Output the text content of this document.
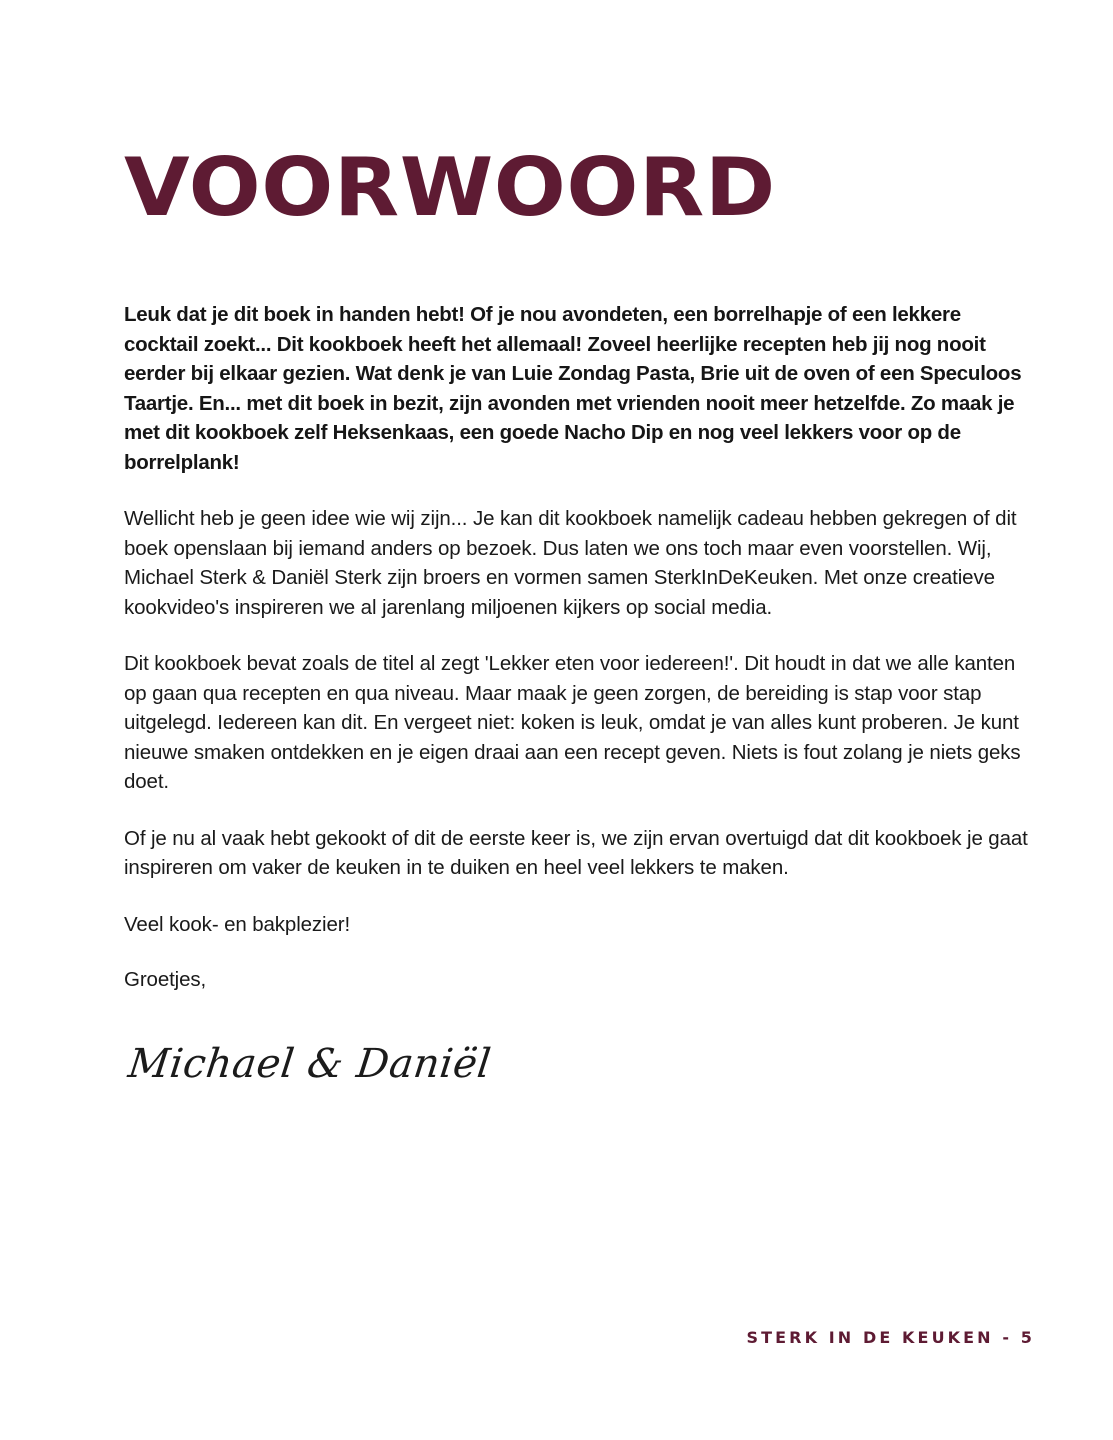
VOORWOORD

Leuk dat je dit boek in handen hebt! Of je nou avondeten, een borrelhapje of een lekkere cocktail zoekt... Dit kookboek heeft het allemaal! Zoveel heerlijke recepten heb jij nog nooit eerder bij elkaar gezien. Wat denk je van Luie Zondag Pasta, Brie uit de oven of een Speculoos Taartje. En... met dit boek in bezit, zijn avonden met vrienden nooit meer hetzelfde. Zo maak je met dit kookboek zelf Heksenkaas, een goede Nacho Dip en nog veel lekkers voor op de borrelplank!

Wellicht heb je geen idee wie wij zijn... Je kan dit kookboek namelijk cadeau hebben gekregen of dit boek openslaan bij iemand anders op bezoek. Dus laten we ons toch maar even voorstellen. Wij, Michael Sterk & Daniël Sterk zijn broers en vormen samen SterkInDeKeuken. Met onze creatieve kookvideo's inspireren we al jarenlang miljoenen kijkers op social media.

Dit kookboek bevat zoals de titel al zegt 'Lekker eten voor iedereen!'. Dit houdt in dat we alle kanten op gaan qua recepten en qua niveau. Maar maak je geen zorgen, de bereiding is stap voor stap uitgelegd. Iedereen kan dit. En vergeet niet: koken is leuk, omdat je van alles kunt proberen. Je kunt nieuwe smaken ontdekken en je eigen draai aan een recept geven. Niets is fout zolang je niets geks doet.

Of je nu al vaak hebt gekookt of dit de eerste keer is, we zijn ervan overtuigd dat dit kookboek je gaat inspireren om vaker de keuken in te duiken en heel veel lekkers te maken.

Veel kook- en bakplezier!

Groetjes,

Michael & Daniël
STERK IN DE KEUKEN - 5
